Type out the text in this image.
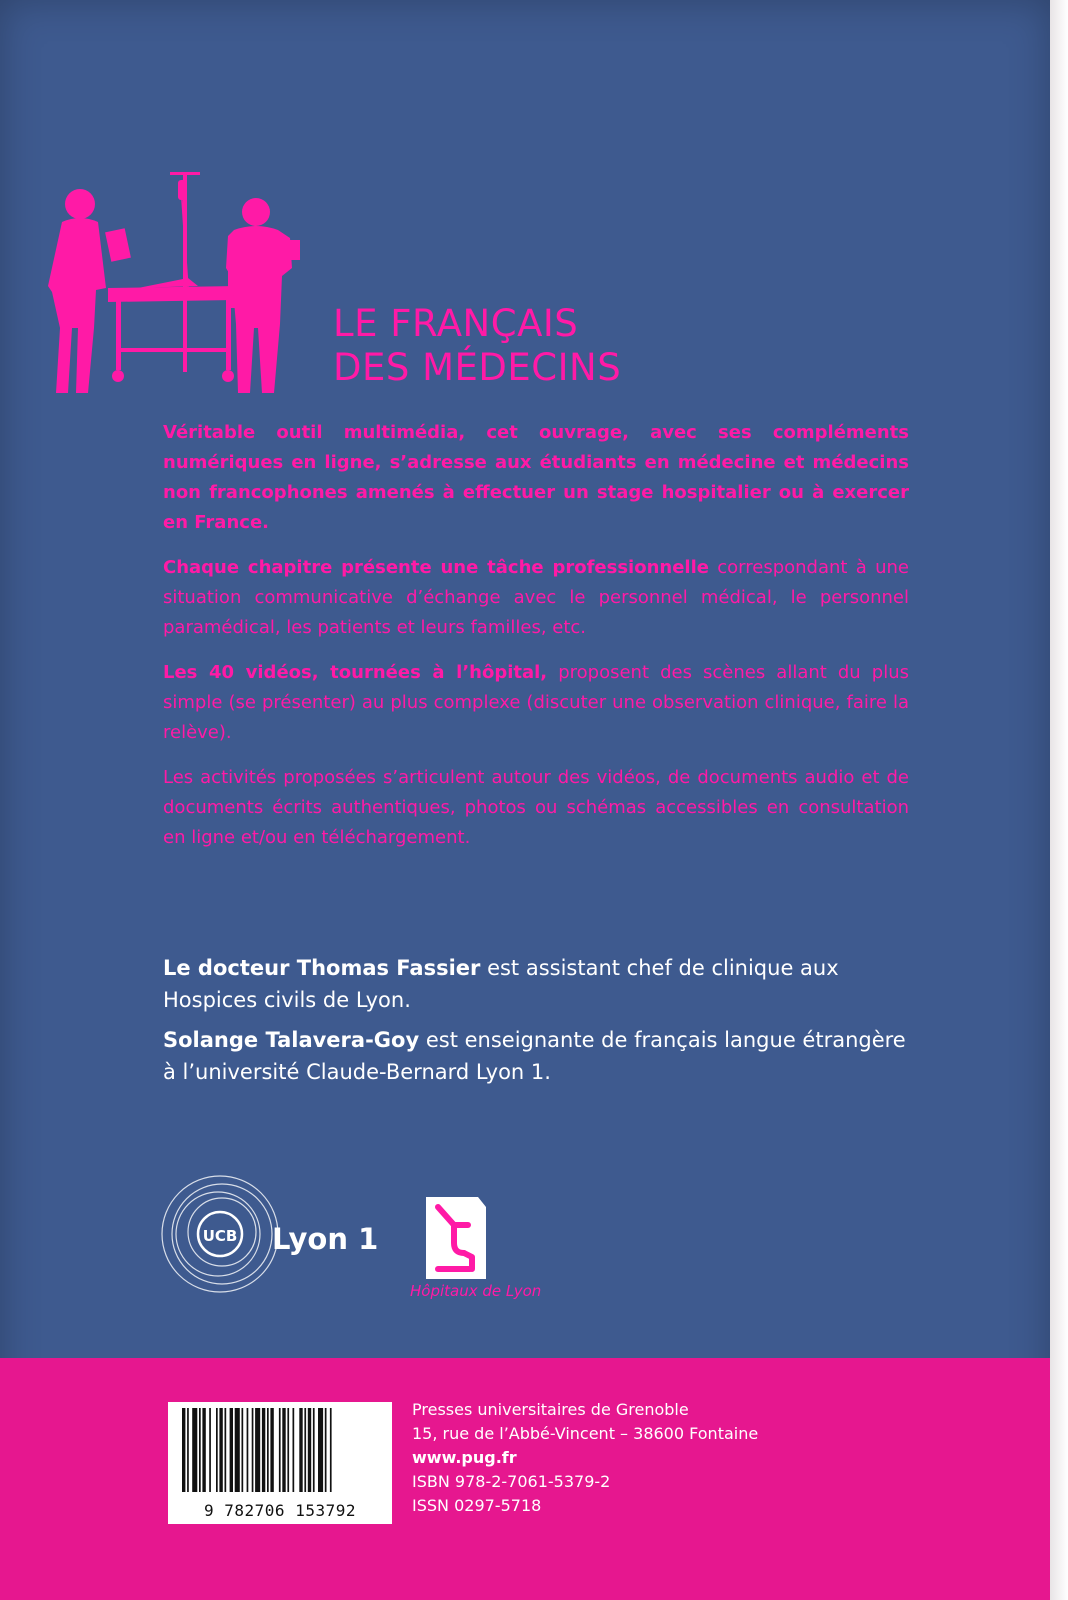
LE FRANÇAIS
DES MÉDECINS

Véritable outil multimédia, cet ouvrage, avec ses compléments numériques en ligne, s’adresse aux étudiants en médecine et médecins non francophones amenés à effectuer un stage hospitalier ou à exercer en France.

Chaque chapitre présente une tâche professionnelle correspondant à une situation communicative d’échange avec le personnel médical, le personnel paramédical, les patients et leurs familles, etc.

Les 40 vidéos, tournées à l’hôpital, proposent des scènes allant du plus simple (se présenter) au plus complexe (discuter une observation clinique, faire la relève).

Les activités proposées s’articulent autour des vidéos, de documents audio et de documents écrits authentiques, photos ou schémas accessibles en consultation en ligne et/ou en téléchargement.

Le docteur Thomas Fassier est assistant chef de clinique aux Hospices civils de Lyon.

Solange Talavera-Goy est enseignante de français langue étrangère à l’université Claude-Bernard Lyon 1.

UCB Lyon 1
Hôpitaux de Lyon
9 782706 153792
Presses universitaires de Grenoble
15, rue de l’Abbé-Vincent – 38600 Fontaine
www.pug.fr
ISBN 978-2-7061-5379-2
ISSN 0297-5718
